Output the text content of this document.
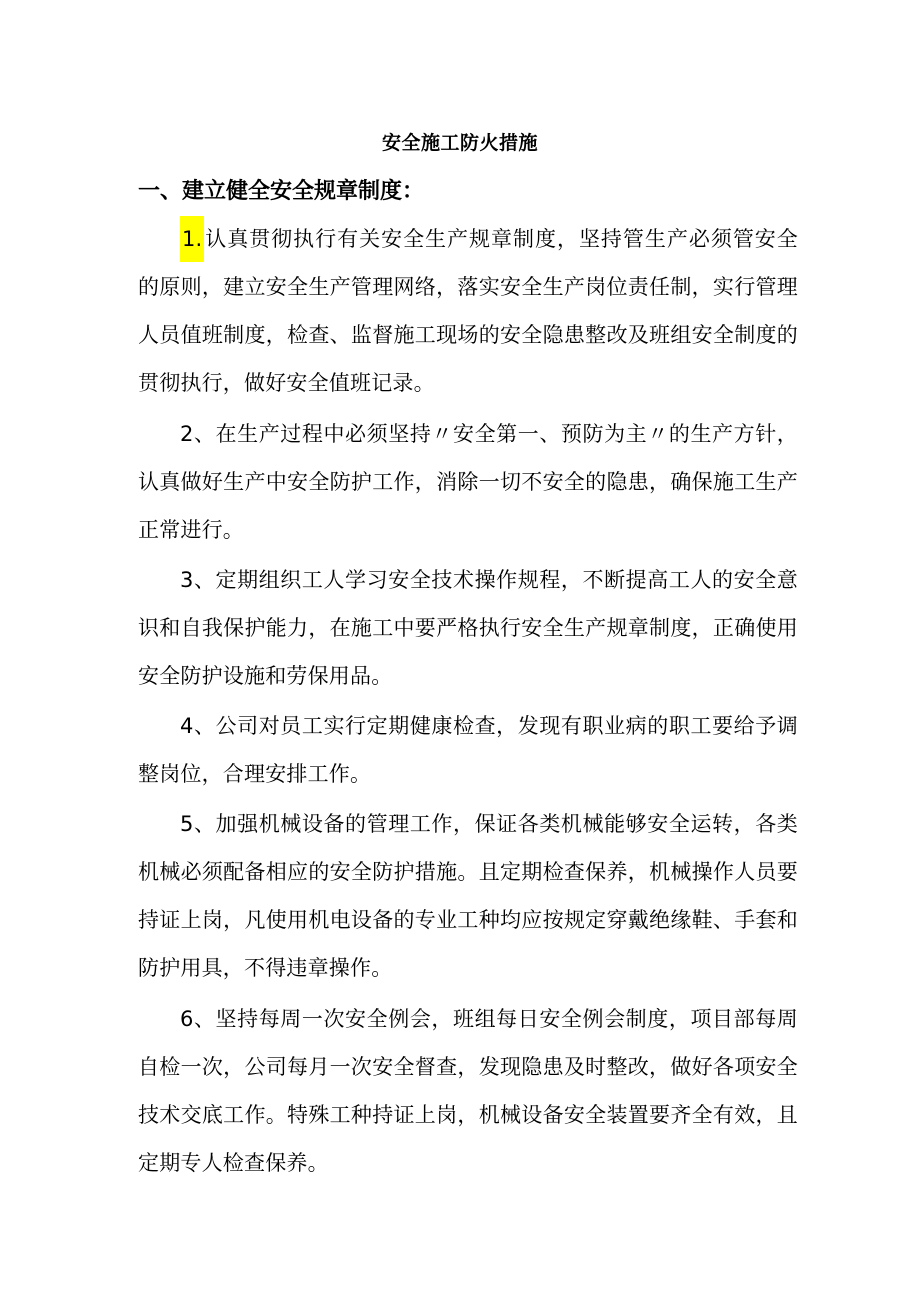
安全施工防火措施
一、建立健全安全规章制度：
1.认真贯彻执行有关安全生产规章制度，坚持管生产必须管安全的原则，建立安全生产管理网络，落实安全生产岗位责任制，实行管理人员值班制度，检查、监督施工现场的安全隐患整改及班组安全制度的贯彻执行，做好安全值班记录。
2、在生产过程中必须坚持〃安全第一、预防为主〃的生产方针，认真做好生产中安全防护工作，消除一切不安全的隐患，确保施工生产正常进行。
3、定期组织工人学习安全技术操作规程，不断提高工人的安全意识和自我保护能力，在施工中要严格执行安全生产规章制度，正确使用安全防护设施和劳保用品。
4、公司对员工实行定期健康检查，发现有职业病的职工要给予调整岗位，合理安排工作。
5、加强机械设备的管理工作，保证各类机械能够安全运转，各类机械必须配备相应的安全防护措施。且定期检查保养，机械操作人员要持证上岗，凡使用机电设备的专业工种均应按规定穿戴绝缘鞋、手套和防护用具，不得违章操作。
6、坚持每周一次安全例会，班组每日安全例会制度，项目部每周自检一次，公司每月一次安全督查，发现隐患及时整改，做好各项安全技术交底工作。特殊工种持证上岗，机械设备安全装置要齐全有效，且定期专人检查保养。
